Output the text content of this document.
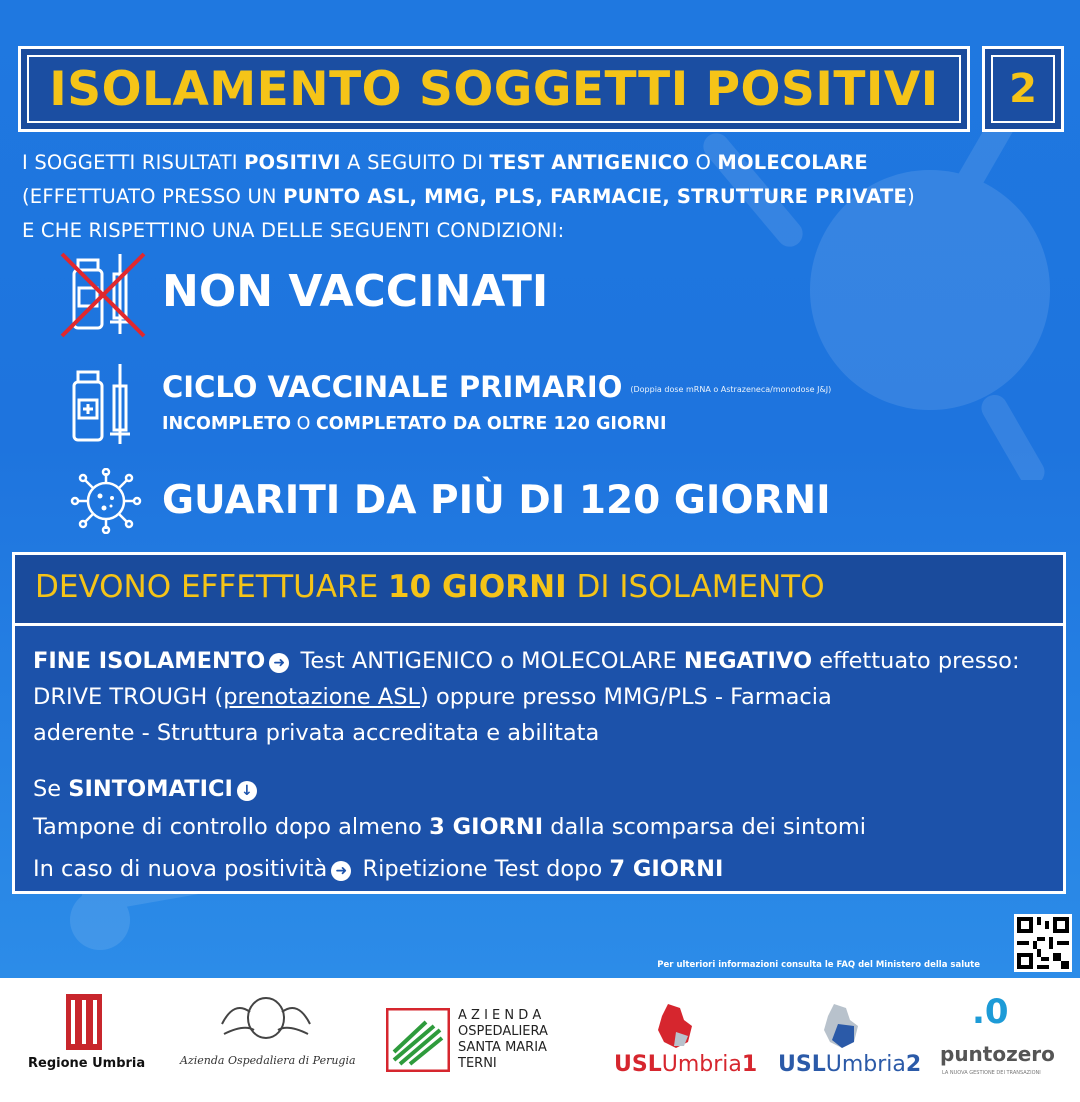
ISOLAMENTO SOGGETTI POSITIVI 2
I SOGGETTI RISULTATI POSITIVI A SEGUITO DI TEST ANTIGENICO O MOLECOLARE
(EFFETTUATO PRESSO UN PUNTO ASL, MMG, PLS, FARMACIE, STRUTTURE PRIVATE)
E CHE RISPETTINO UNA DELLE SEGUENTI CONDIZIONI:
NON VACCINATI
CICLO VACCINALE PRIMARIO (Doppia dose mRNA o Astrazeneca/monodose J&J)
INCOMPLETO O COMPLETATO DA OLTRE 120 GIORNI
GUARITI DA PIÙ DI 120 GIORNI
DEVONO EFFETTUARE 10 GIORNI DI ISOLAMENTO
FINE ISOLAMENTO ➜ Test ANTIGENICO o MOLECOLARE NEGATIVO effettuato presso:
DRIVE TROUGH (prenotazione ASL) oppure presso MMG/PLS - Farmacia
aderente - Struttura privata accreditata e abilitata
Se SINTOMATICI ↓
Tampone di controllo dopo almeno 3 GIORNI dalla scomparsa dei sintomi
In caso di nuova positività ➜ Ripetizione Test dopo 7 GIORNI
Per ulteriori informazioni consulta le FAQ del Ministero della salute
Regione Umbria	Azienda Ospedaliera di Perugia
A Z I E N D A
OSPEDALIERA
SANTA MARIA
TERNI	USLUmbria1 USLUmbria2
.0
puntozero
LA NUOVA GESTIONE DEI TRANSAZIONI
